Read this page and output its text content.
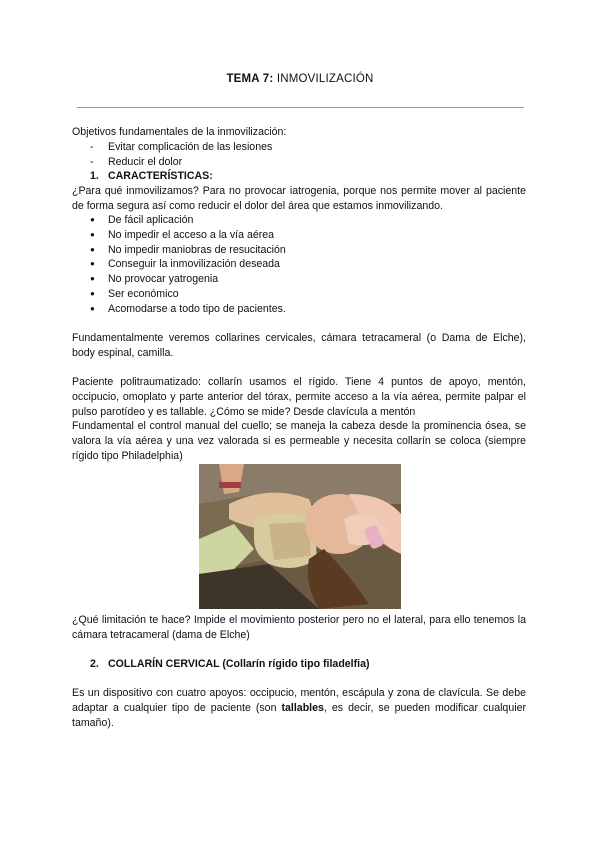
TEMA 7: INMOVILIZACIÓN
Objetivos fundamentales de la inmovilización:
- Evitar complicación de las lesiones
- Reducir el dolor
1. CARACTERÍSTICAS:
¿Para qué inmovilizamos? Para no provocar iatrogenia, porque nos permite mover al paciente de forma segura así como reducir el dolor del área que estamos inmovilizando.
● De fácil aplicación
● No impedir el acceso a la vía aérea
● No impedir maniobras de resucitación
● Conseguir la inmovilización deseada
● No provocar yatrogenia
● Ser económico
● Acomodarse a todo tipo de pacientes.
Fundamentalmente veremos collarines cervicales, cámara tetracameral (o Dama de Elche), body espinal, camilla.
Paciente politraumatizado: collarín usamos el rígido. Tiene 4 puntos de apoyo, mentón, occipucio, omoplato y parte anterior del tórax, permite acceso a la vía aérea, permite palpar el pulso parotídeo y es tallable. ¿Cómo se mide? Desde clavícula a mentón
Fundamental el control manual del cuello; se maneja la cabeza desde la prominencia ósea, se valora la vía aérea y una vez valorada si es permeable y necesita collarín se coloca (siempre rígido tipo Philadelphia)
¿Qué limitación te hace? Impide el movimiento posterior pero no el lateral, para ello tenemos la cámara tetracameral (dama de Elche)
2. COLLARÍN CERVICAL (Collarín rígido tipo filadelfia)
Es un dispositivo con cuatro apoyos: occipucio, mentón, escápula y zona de clavícula. Se debe adaptar a cualquier tipo de paciente (son tallables, es decir, se pueden modificar cualquier tamaño).
